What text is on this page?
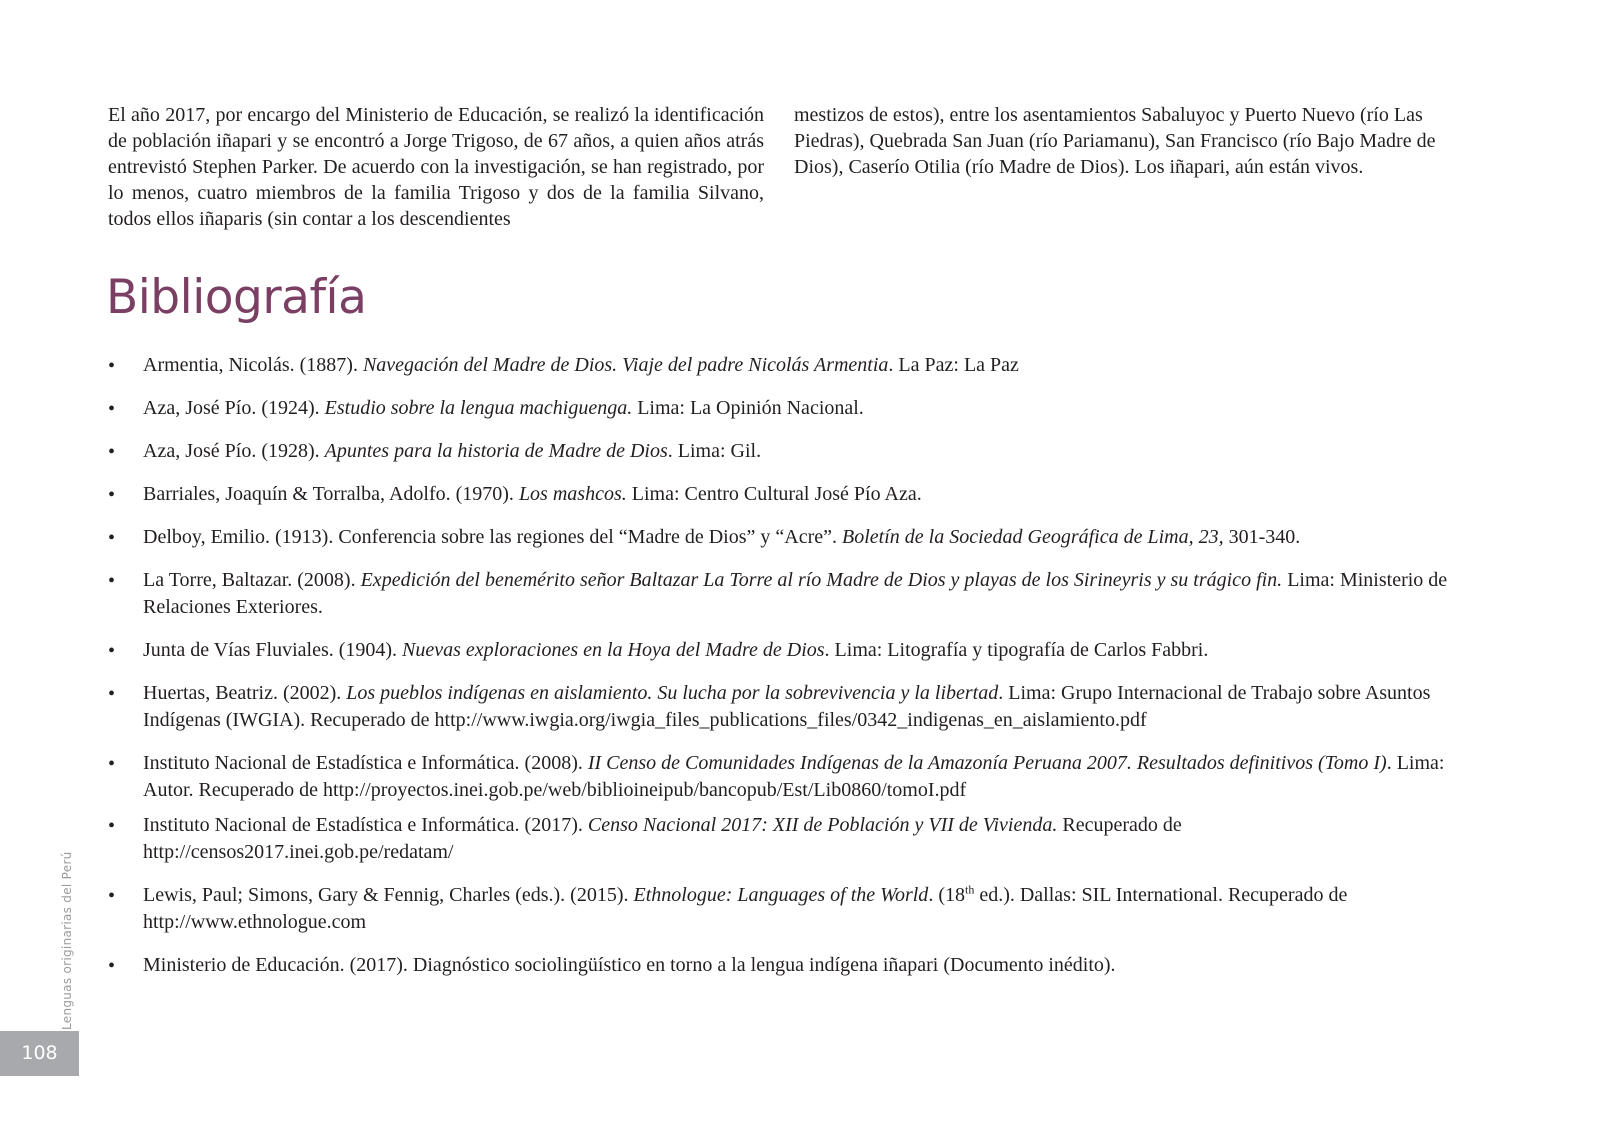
El año 2017, por encargo del Ministerio de Educación, se realizó la identificación de población iñapari y se encontró a Jorge Trigoso, de 67 años, a quien años atrás entrevistó Stephen Parker. De acuerdo con la investigación, se han registrado, por lo menos, cuatro miembros de la familia Trigoso y dos de la familia Silvano, todos ellos iñaparis (sin contar a los descendientes

mestizos de estos), entre los asentamientos Sabaluyoc y Puerto Nuevo (río Las Piedras), Quebrada San Juan (río Pariamanu), San Francisco (río Bajo Madre de Dios), Caserío Otilia (río Madre de Dios). Los iñapari, aún están vivos.

Bibliografía
• Armentia, Nicolás. (1887). Navegación del Madre de Dios. Viaje del padre Nicolás Armentia. La Paz: La Paz
• Aza, José Pío. (1924). Estudio sobre la lengua machiguenga. Lima: La Opinión Nacional.
• Aza, José Pío. (1928). Apuntes para la historia de Madre de Dios. Lima: Gil.
• Barriales, Joaquín & Torralba, Adolfo. (1970). Los mashcos. Lima: Centro Cultural José Pío Aza.
• Delboy, Emilio. (1913). Conferencia sobre las regiones del “Madre de Dios” y “Acre”. Boletín de la Sociedad Geográfica de Lima, 23, 301-340.
• La Torre, Baltazar. (2008). Expedición del benemérito señor Baltazar La Torre al río Madre de Dios y playas de los Sirineyris y su trágico fin. Lima: Ministerio de Relaciones Exteriores.
• Junta de Vías Fluviales. (1904). Nuevas exploraciones en la Hoya del Madre de Dios. Lima: Litografía y tipografía de Carlos Fabbri.
• Huertas, Beatriz. (2002). Los pueblos indígenas en aislamiento. Su lucha por la sobrevivencia y la libertad. Lima: Grupo Internacional de Trabajo sobre Asuntos Indígenas (IWGIA). Recuperado de http://www.iwgia.org/iwgia_files_publications_files/0342_indigenas_en_aislamiento.pdf
• Instituto Nacional de Estadística e Informática. (2008). II Censo de Comunidades Indígenas de la Amazonía Peruana 2007. Resultados definitivos (Tomo I). Lima: Autor. Recuperado de http://proyectos.inei.gob.pe/web/biblioineipub/bancopub/Est/Lib0860/tomoI.pdf
• Instituto Nacional de Estadística e Informática. (2017). Censo Nacional 2017: XII de Población y VII de Vivienda. Recuperado de http://censos2017.inei.gob.pe/redatam/
• Lewis, Paul; Simons, Gary & Fennig, Charles (eds.). (2015). Ethnologue: Languages of the World. (18th ed.). Dallas: SIL International. Recuperado de http://www.ethnologue.com
• Ministerio de Educación. (2017). Diagnóstico sociolingüístico en torno a la lengua indígena iñapari (Documento inédito).
Lenguas originarias del Perú
108
